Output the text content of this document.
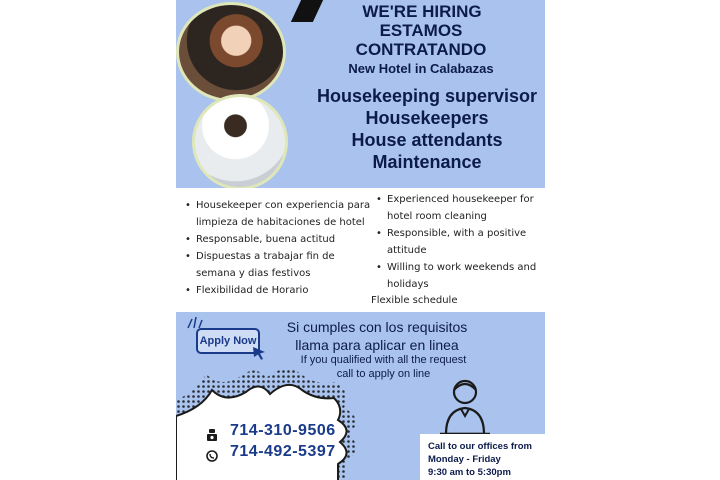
WE'RE HIRING
ESTAMOS
CONTRATANDO
New Hotel in Calabazas
Housekeeping supervisor
Housekeepers
House attendants
Maintenance
• Housekeeper con experiencia para limpieza de habitaciones de hotel
• Responsable, buena actitud
• Dispuestas a trabajar fin de semana y dias festivos
• Flexibilidad de Horario
• Experienced housekeeper for hotel room cleaning
• Responsible, with a positive attitude
• Willing to work weekends and holidays
Flexible schedule
Apply Now
Si cumples con los requisitos
llama para aplicar en linea
If you qualified with all the request
call to apply on line
714-310-9506
714-492-5397	Call to our offices from
Monday - Friday
9:30 am to 5:30pm
